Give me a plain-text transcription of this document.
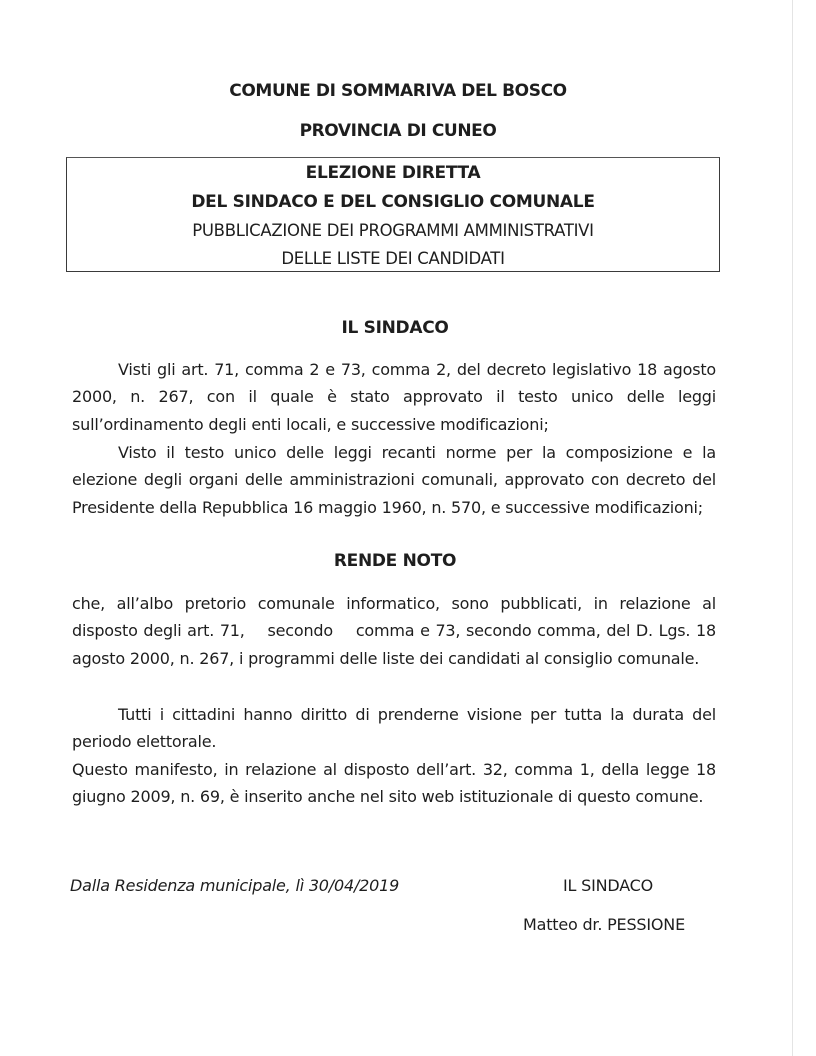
COMUNE DI SOMMARIVA DEL BOSCO
PROVINCIA DI CUNEO
ELEZIONE DIRETTA
DEL SINDACO E DEL CONSIGLIO COMUNALE
PUBBLICAZIONE DEI PROGRAMMI AMMINISTRATIVI
DELLE LISTE DEI CANDIDATI
IL SINDACO

Visti gli art. 71, comma 2 e 73, comma 2, del decreto legislativo 18 agosto 2000, n. 267, con il quale è stato approvato il testo unico delle leggi sull’ordinamento degli enti locali, e successive modificazioni;

Visto il testo unico delle leggi recanti norme per la composizione e la elezione degli organi delle amministrazioni comunali, approvato con decreto del Presidente della Repubblica 16 maggio 1960, n. 570, e successive modificazioni;

RENDE NOTO

che, all’albo pretorio comunale informatico, sono pubblicati, in relazione al disposto degli art. 71,    secondo    comma e 73, secondo comma, del D. Lgs. 18 agosto 2000, n. 267, i programmi delle liste dei candidati al consiglio comunale.

Tutti i cittadini hanno diritto di prenderne visione per tutta la durata del periodo elettorale.

Questo manifesto, in relazione al disposto dell’art. 32, comma 1, della legge 18 giugno 2009, n. 69, è inserito anche nel sito web istituzionale di questo comune.

Dalla Residenza municipale, lì 30/04/2019	IL SINDACO
Matteo dr. PESSIONE
